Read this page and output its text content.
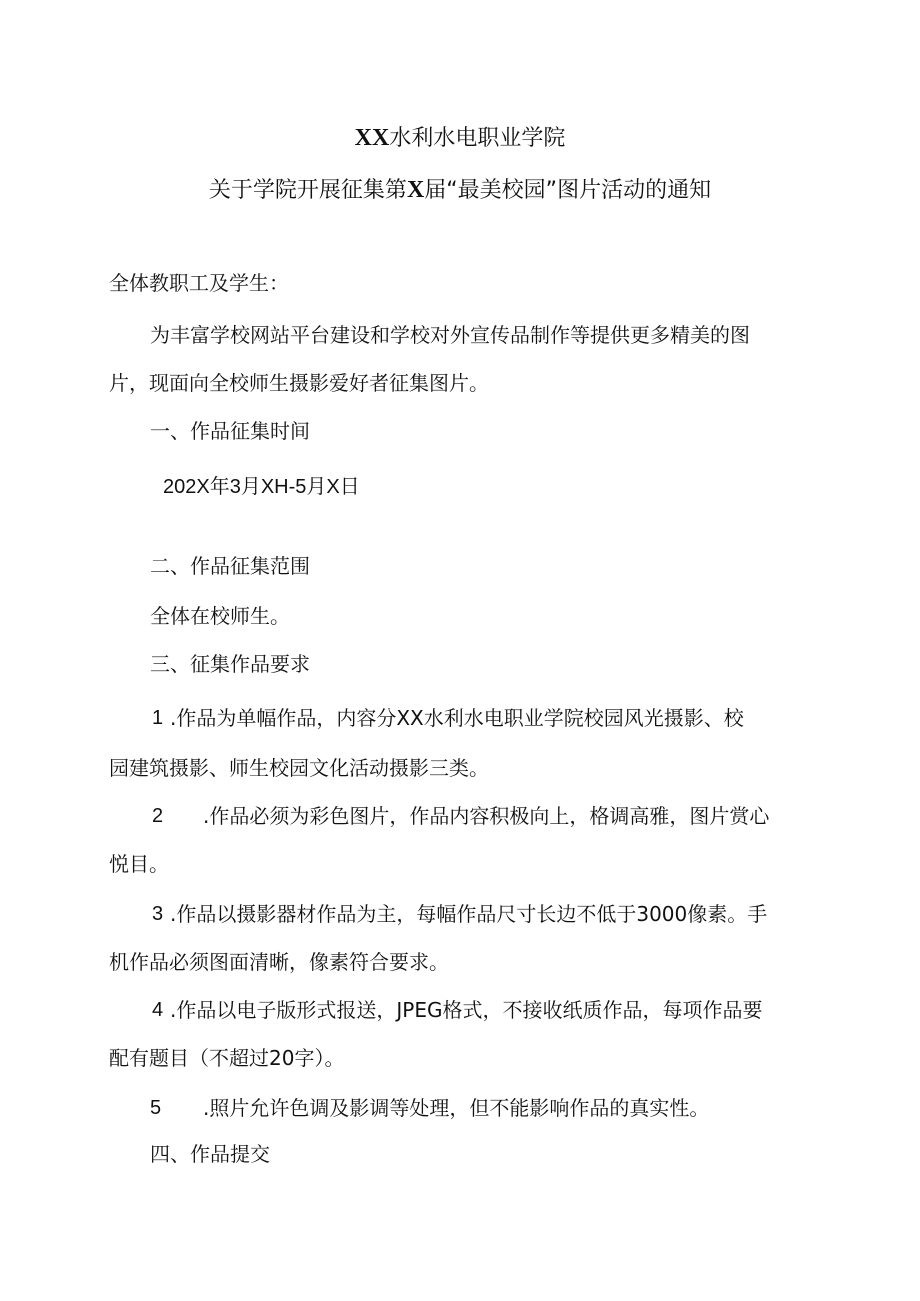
XX水利水电职业学院
关于学院开展征集第X届“最美校园”图片活动的通知
全体教职工及学生：
为丰富学校网站平台建设和学校对外宣传品制作等提供更多精美的图
片，现面向全校师生摄影爱好者征集图片。
一、作品征集时间
202X年3月XH-5月X日
二、作品征集范围
全体在校师生。
三、征集作品要求
1 .作品为单幅作品，内容分XX水利水电职业学院校园风光摄影、校
园建筑摄影、师生校园文化活动摄影三类。
2 .作品必须为彩色图片，作品内容积极向上，格调高雅，图片赏心
悦目。
3 .作品以摄影器材作品为主，每幅作品尺寸长边不低于3000像素。手
机作品必须图面清晰，像素符合要求。
4 .作品以电子版形式报送，JPEG格式，不接收纸质作品，每项作品要
配有题目（不超过20字）。
5 .照片允许色调及影调等处理，但不能影响作品的真实性。
四、作品提交
